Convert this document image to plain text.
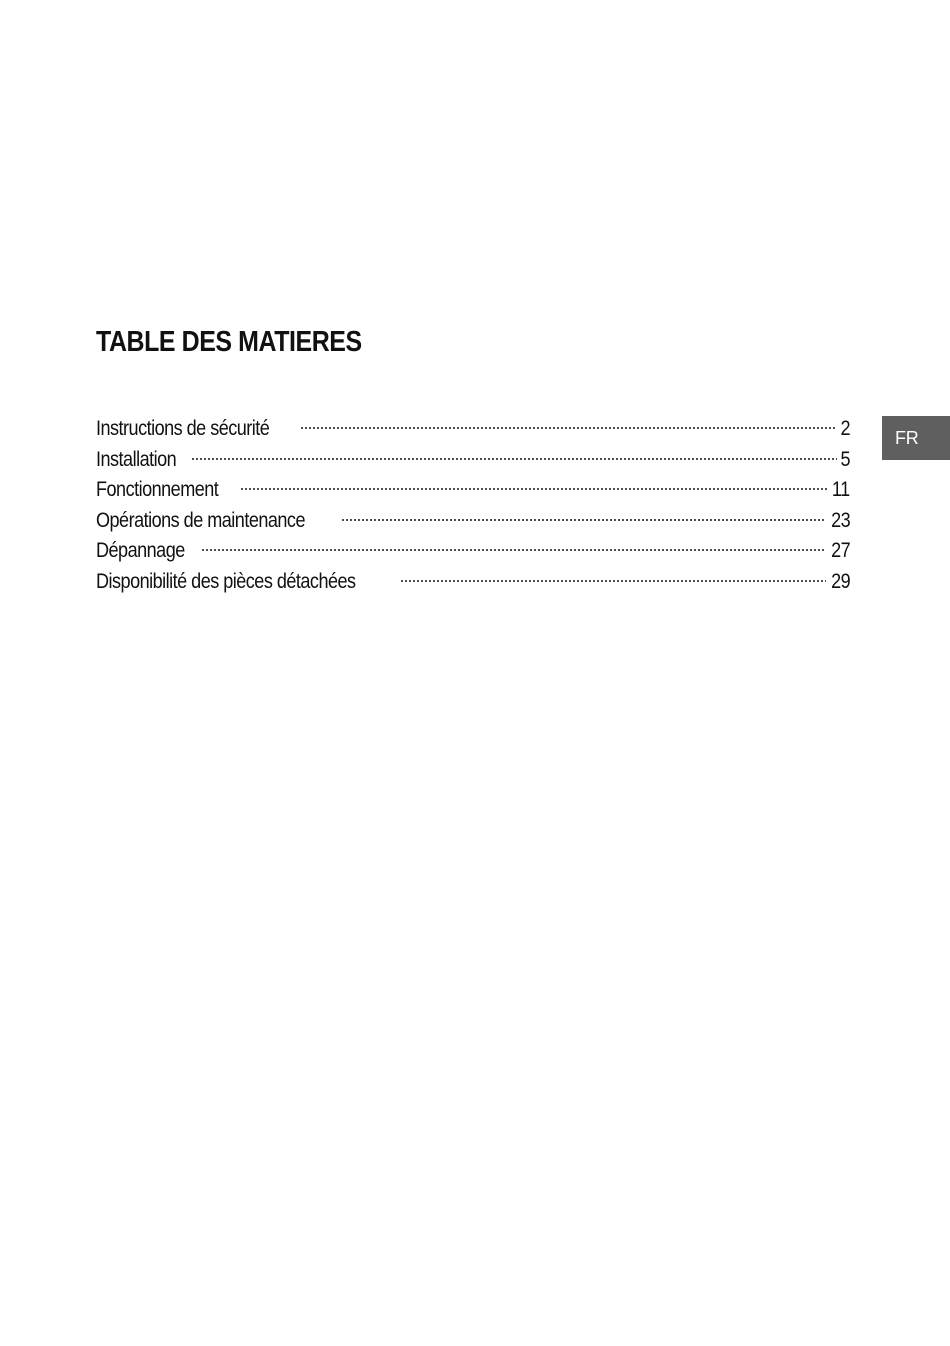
TABLE DES MATIERES
Instructions de sécurité	2
Installation	5
Fonctionnement	11
Opérations de maintenance	23
Dépannage	27
Disponibilité des pièces détachées	29
FR
